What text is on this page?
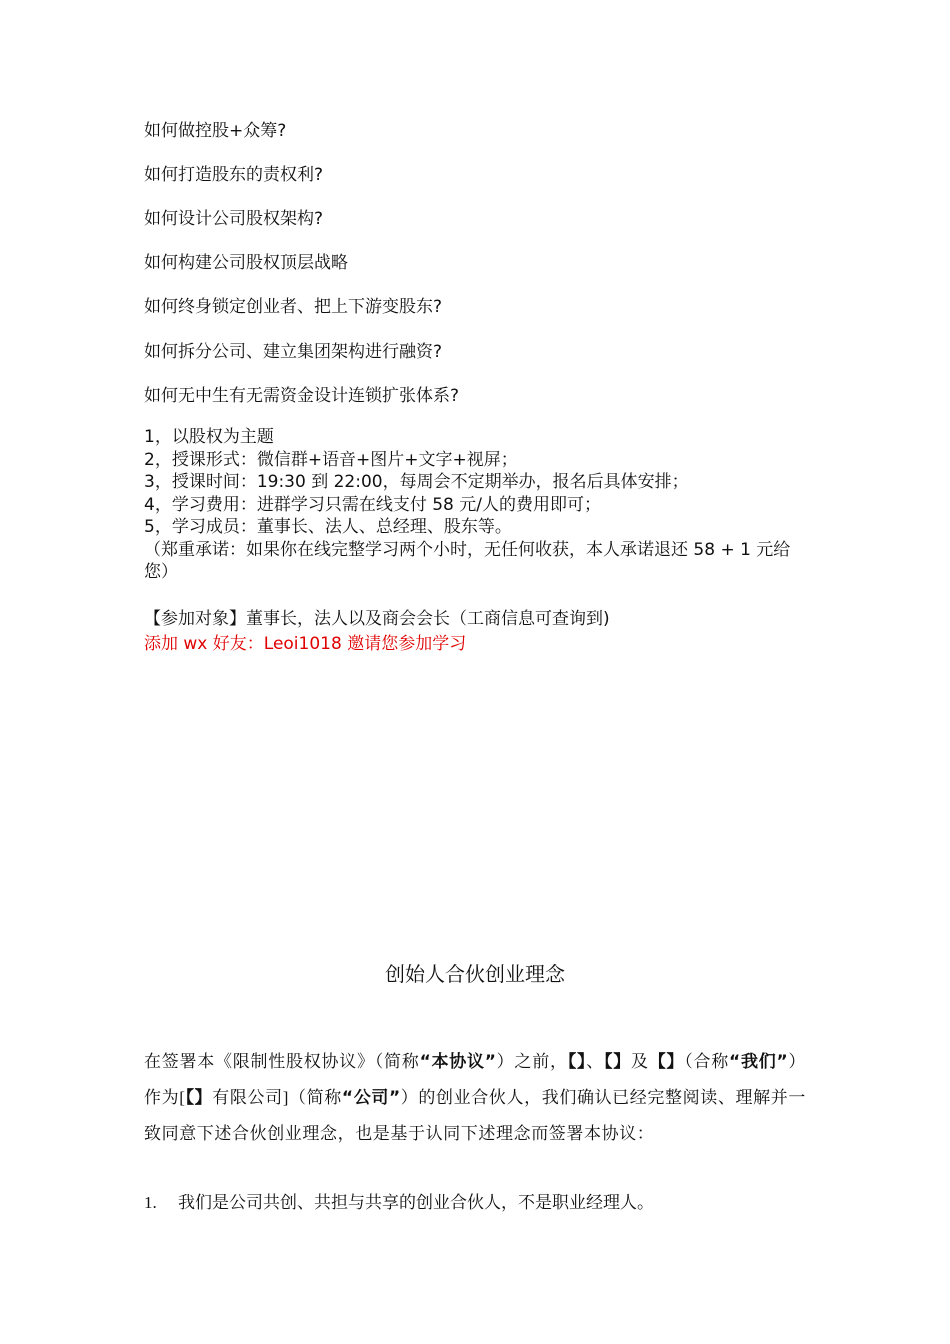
如何做控股+众筹?
如何打造股东的责权利?
如何设计公司股权架构?
如何构建公司股权顶层战略
如何终身锁定创业者、把上下游变股东?
如何拆分公司、建立集团架构进行融资?
如何无中生有无需资金设计连锁扩张体系?
1，以股权为主题
2，授课形式：微信群+语音+图片+文字+视屏；
3，授课时间：19:30 到 22:00，每周会不定期举办，报名后具体安排；
4，学习费用：进群学习只需在线支付 58 元/人的费用即可；
5，学习成员：董事长、法人、总经理、股东等。
（郑重承诺：如果你在线完整学习两个小时，无任何收获，本人承诺退还 58 + 1 元给您）
【参加对象】董事长，法人以及商会会长（工商信息可查询到)
添加 wx 好友：Leoi1018 邀请您参加学习
创始人合伙创业理念
在签署本《限制性股权协议》（简称“本协议”）之前，【】、【】及【】（合称“我们”）作为[【】有限公司]（简称“公司”）的创业合伙人，我们确认已经完整阅读、理解并一致同意下述合伙创业理念，也是基于认同下述理念而签署本协议：
1. 我们是公司共创、共担与共享的创业合伙人，不是职业经理人。
